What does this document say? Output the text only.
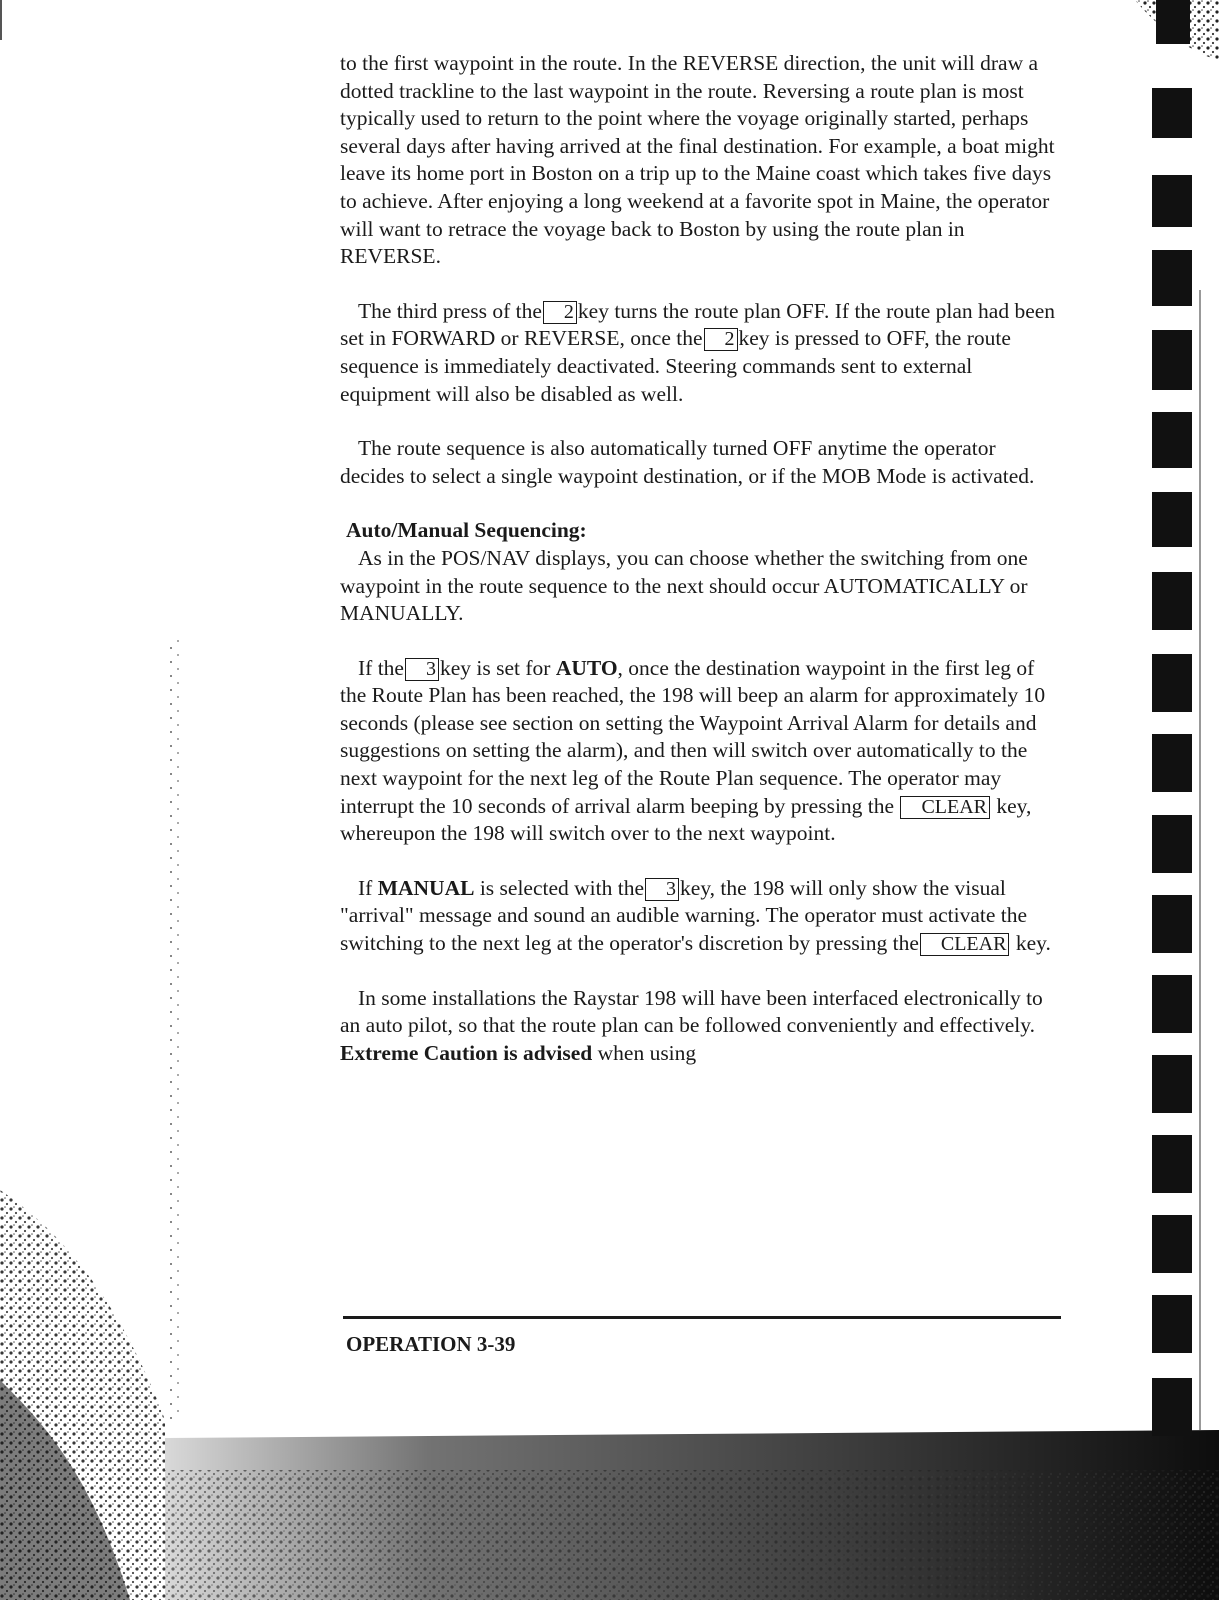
to the first waypoint in the route. In the REVERSE direction, the unit will draw a dotted trackline to the last waypoint in the route. Reversing a route plan is most typically used to return to the point where the voyage originally started, perhaps several days after having arrived at the final destination. For example, a boat might leave its home port in Boston on a trip up to the Maine coast which takes five days to achieve. After enjoying a long weekend at a favorite spot in Maine, the operator will want to retrace the voyage back to Boston by using the route plan in REVERSE.

The third press of the 2 key turns the route plan OFF. If the route plan had been set in FORWARD or REVERSE, once the 2 key is pressed to OFF, the route sequence is immediately deactivated. Steering commands sent to external equipment will also be disabled as well.

The route sequence is also automatically turned OFF anytime the operator decides to select a single waypoint destination, or if the MOB Mode is activated.

Auto/Manual Sequencing:

As in the POS/NAV displays, you can choose whether the switching from one waypoint in the route sequence to the next should occur AUTOMATICALLY or MANUALLY.

If the 3 key is set for AUTO, once the destination waypoint in the first leg of the Route Plan has been reached, the 198 will beep an alarm for approximately 10 seconds (please see section on setting the Waypoint Arrival Alarm for details and suggestions on setting the alarm), and then will switch over automatically to the next waypoint for the next leg of the Route Plan sequence. The operator may interrupt the 10 seconds of arrival alarm beeping by pressing the CLEAR key, whereupon the 198 will switch over to the next waypoint.

If MANUAL is selected with the 3 key, the 198 will only show the visual "arrival" message and sound an audible warning. The operator must activate the switching to the next leg at the operator's discretion by pressing the CLEAR key.

In some installations the Raystar 198 will have been interfaced electronically to an auto pilot, so that the route plan can be followed conveniently and effectively. Extreme Caution is advised when using

OPERATION 3-39
